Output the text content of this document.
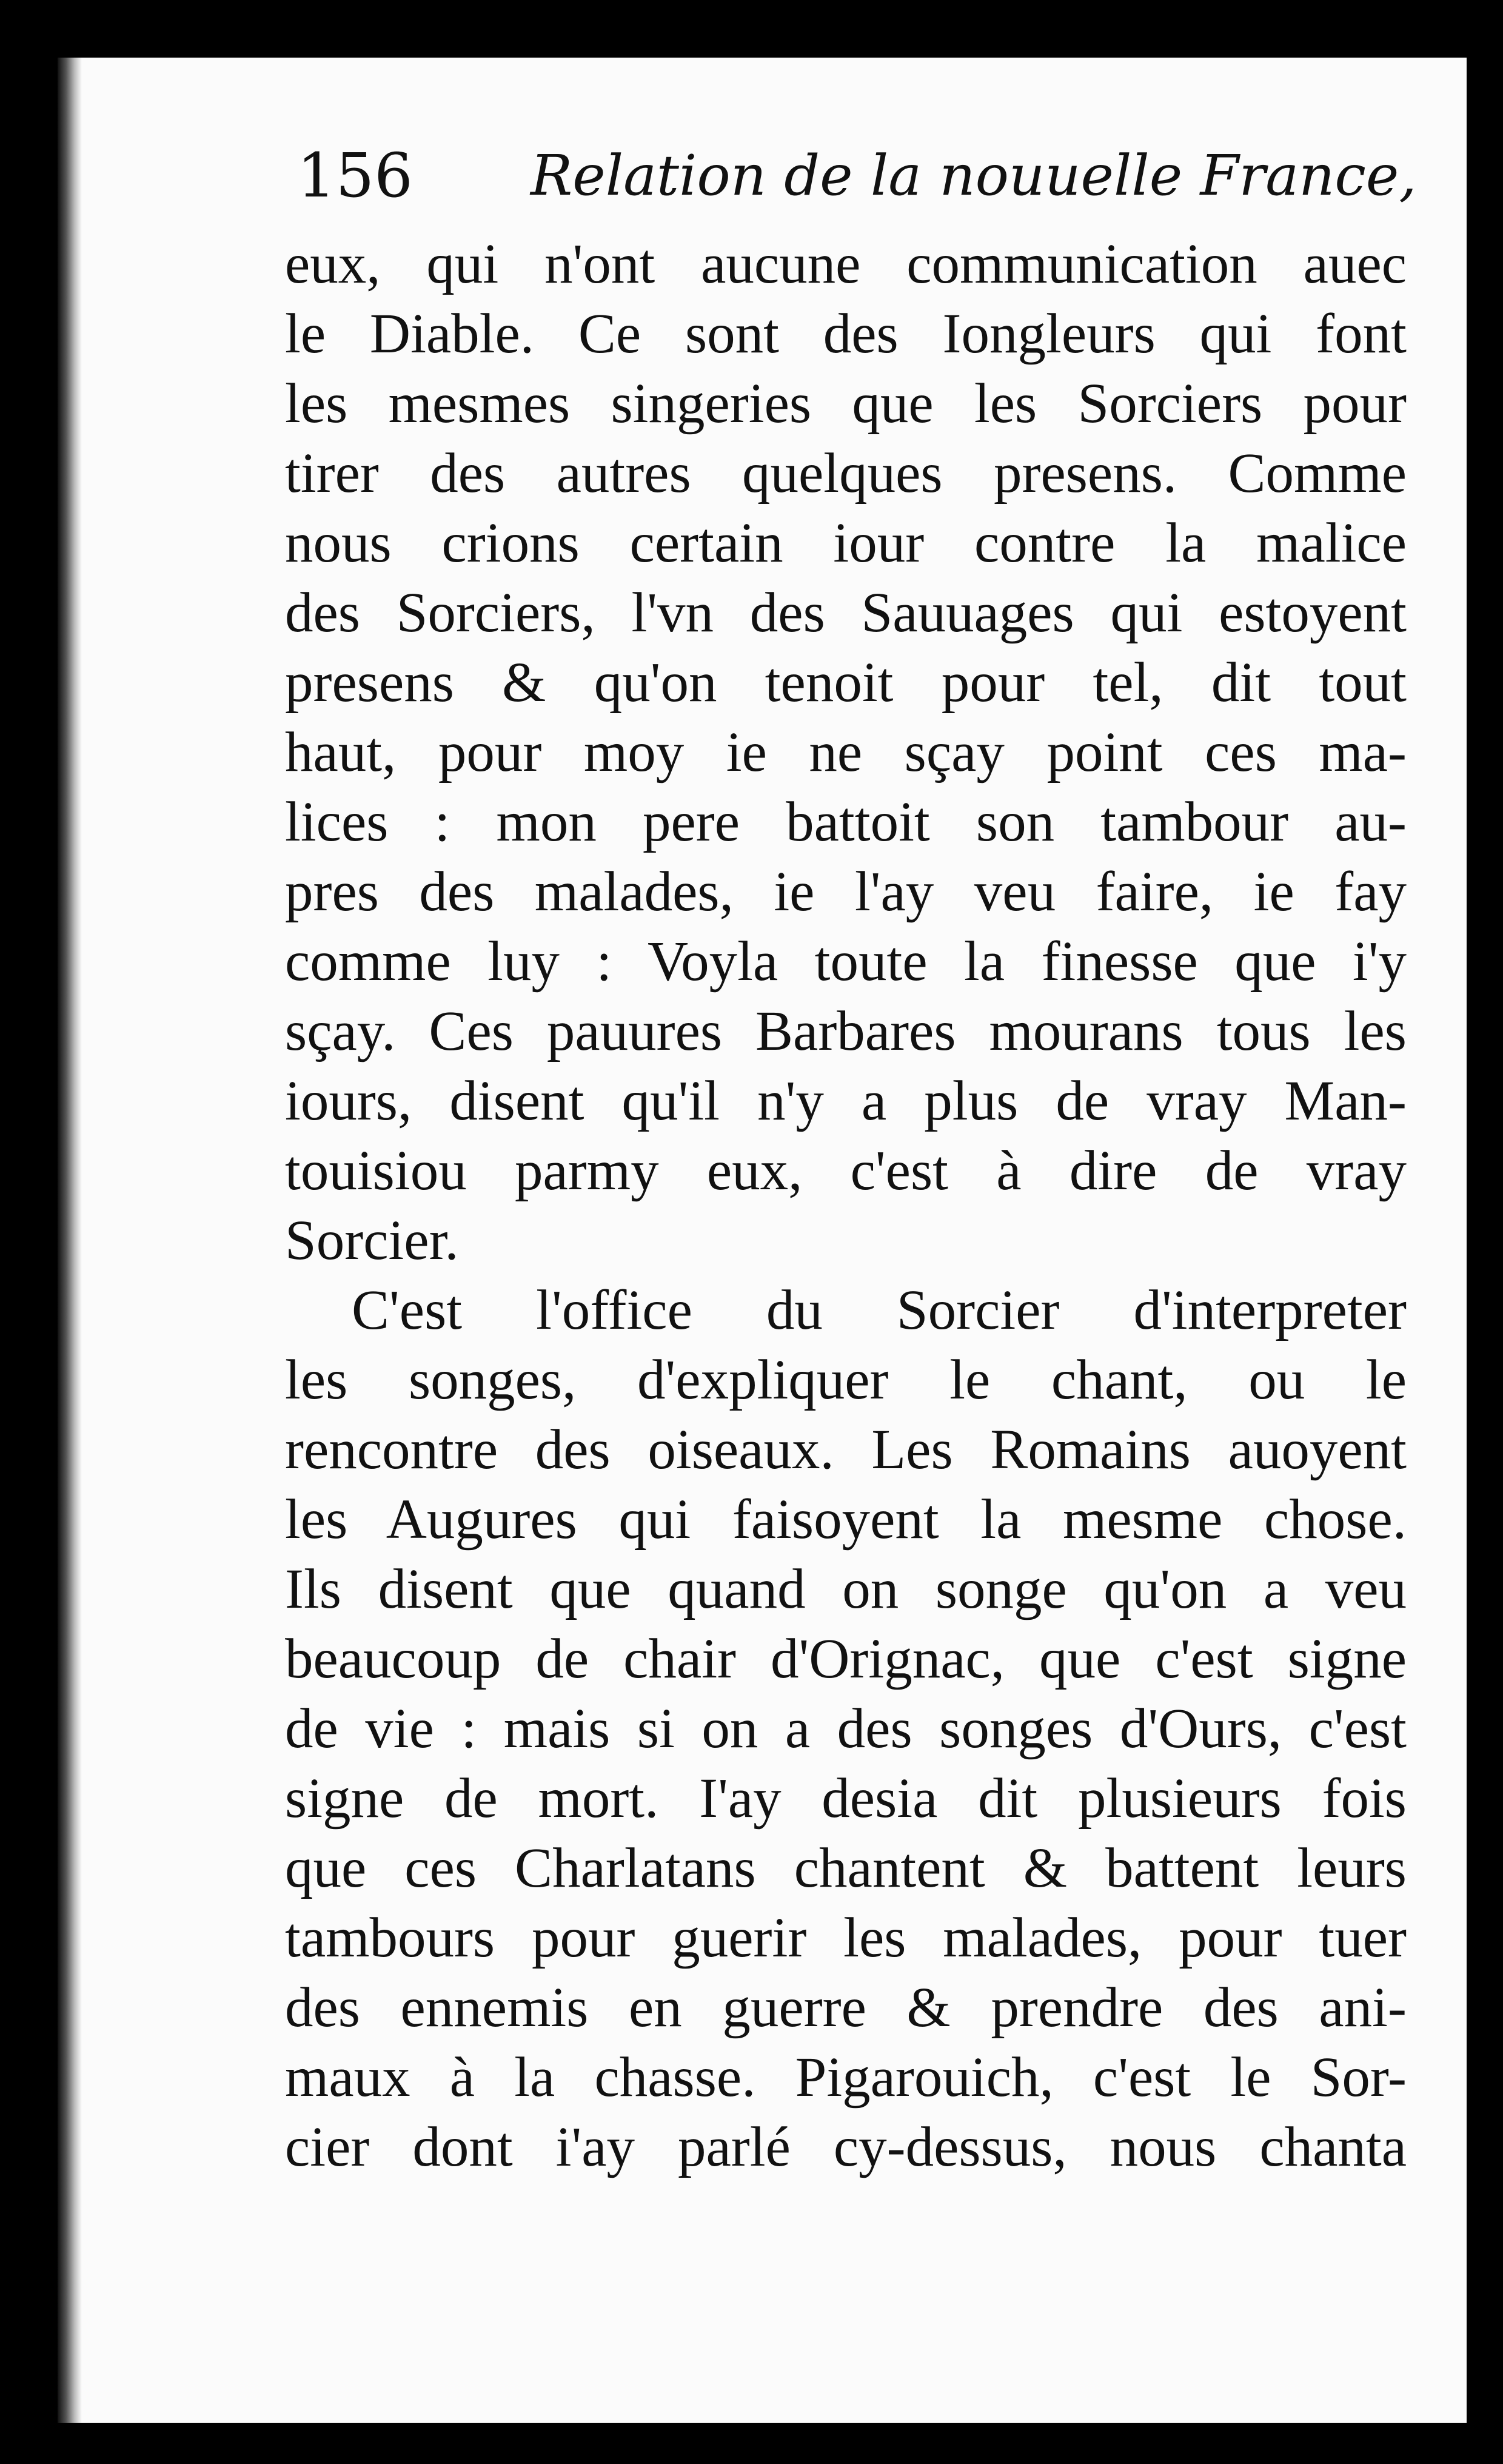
156 Relation de la nouuelle France,
eux, qui n'ont aucune communication auec
le Diable. Ce sont des Iongleurs qui font
les mesmes singeries que les Sorciers pour
tirer des autres quelques presens. Comme
nous crions certain iour contre la malice
des Sorciers, l'vn des Sauuages qui estoyent
presens & qu'on tenoit pour tel, dit tout
haut, pour moy ie ne sçay point ces ma-
lices : mon pere battoit son tambour au-
pres des malades, ie l'ay veu faire, ie fay
comme luy : Voyla toute la finesse que i'y
sçay. Ces pauures Barbares mourans tous les
iours, disent qu'il n'y a plus de vray Man-
touisiou parmy eux, c'est à dire de vray
Sorcier.
C'est l'office du Sorcier d'interpreter
les songes, d'expliquer le chant, ou le
rencontre des oiseaux. Les Romains auoyent
les Augures qui faisoyent la mesme chose.
Ils disent que quand on songe qu'on a veu
beaucoup de chair d'Orignac, que c'est signe
de vie : mais si on a des songes d'Ours, c'est
signe de mort. I'ay desia dit plusieurs fois
que ces Charlatans chantent & battent leurs
tambours pour guerir les malades, pour tuer
des ennemis en guerre & prendre des ani-
maux à la chasse. Pigarouich, c'est le Sor-
cier dont i'ay parlé cy-dessus, nous chanta
